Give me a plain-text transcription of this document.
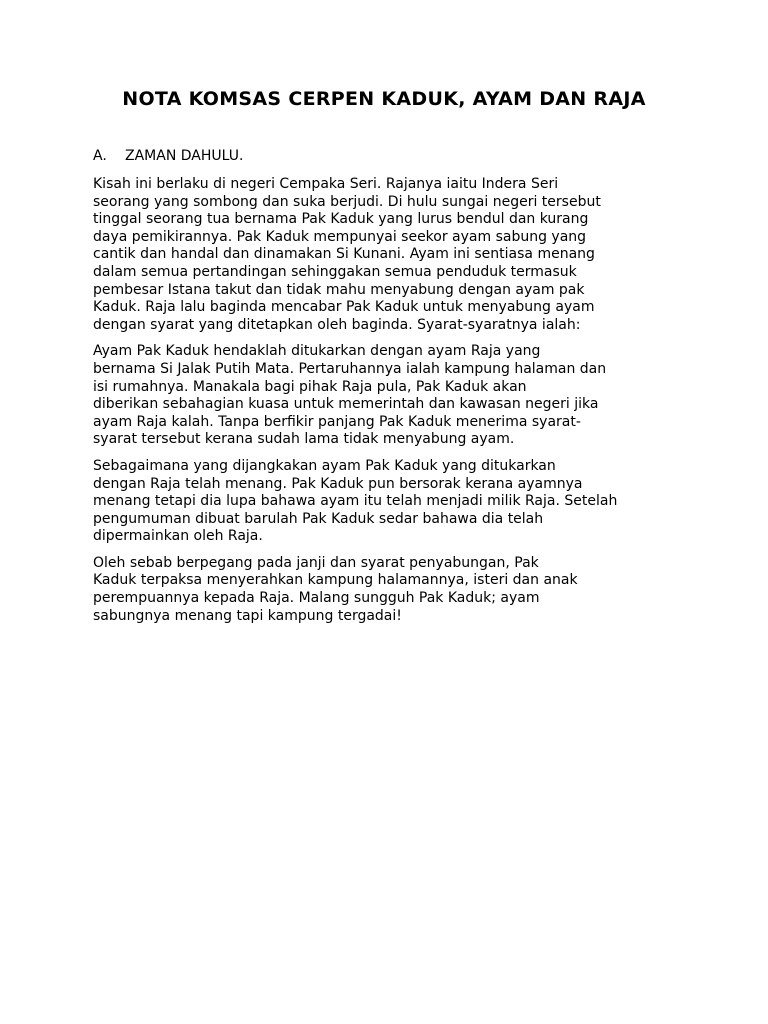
NOTA KOMSAS CERPEN KADUK, AYAM DAN RAJA
A. ZAMAN DAHULU.

Kisah ini berlaku di negeri Cempaka Seri. Rajanya iaitu Indera Seri
seorang yang sombong dan suka berjudi. Di hulu sungai negeri tersebut
tinggal seorang tua bernama Pak Kaduk yang lurus bendul dan kurang
daya pemikirannya. Pak Kaduk mempunyai seekor ayam sabung yang
cantik dan handal dan dinamakan Si Kunani. Ayam ini sentiasa menang
dalam semua pertandingan sehinggakan semua penduduk termasuk
pembesar Istana takut dan tidak mahu menyabung dengan ayam pak
Kaduk. Raja lalu baginda mencabar Pak Kaduk untuk menyabung ayam
dengan syarat yang ditetapkan oleh baginda. Syarat-syaratnya ialah:

Ayam Pak Kaduk hendaklah ditukarkan dengan ayam Raja yang
bernama Si Jalak Putih Mata. Pertaruhannya ialah kampung halaman dan
isi rumahnya. Manakala bagi pihak Raja pula, Pak Kaduk akan
diberikan sebahagian kuasa untuk memerintah dan kawasan negeri jika
ayam Raja kalah. Tanpa berfikir panjang Pak Kaduk menerima syarat-
syarat tersebut kerana sudah lama tidak menyabung ayam.

Sebagaimana yang dijangkakan ayam Pak Kaduk yang ditukarkan
dengan Raja telah menang. Pak Kaduk pun bersorak kerana ayamnya
menang tetapi dia lupa bahawa ayam itu telah menjadi milik Raja. Setelah
pengumuman dibuat barulah Pak Kaduk sedar bahawa dia telah
dipermainkan oleh Raja.

Oleh sebab berpegang pada janji dan syarat penyabungan, Pak
Kaduk terpaksa menyerahkan kampung halamannya, isteri dan anak
perempuannya kepada Raja. Malang sungguh Pak Kaduk; ayam
sabungnya menang tapi kampung tergadai!
